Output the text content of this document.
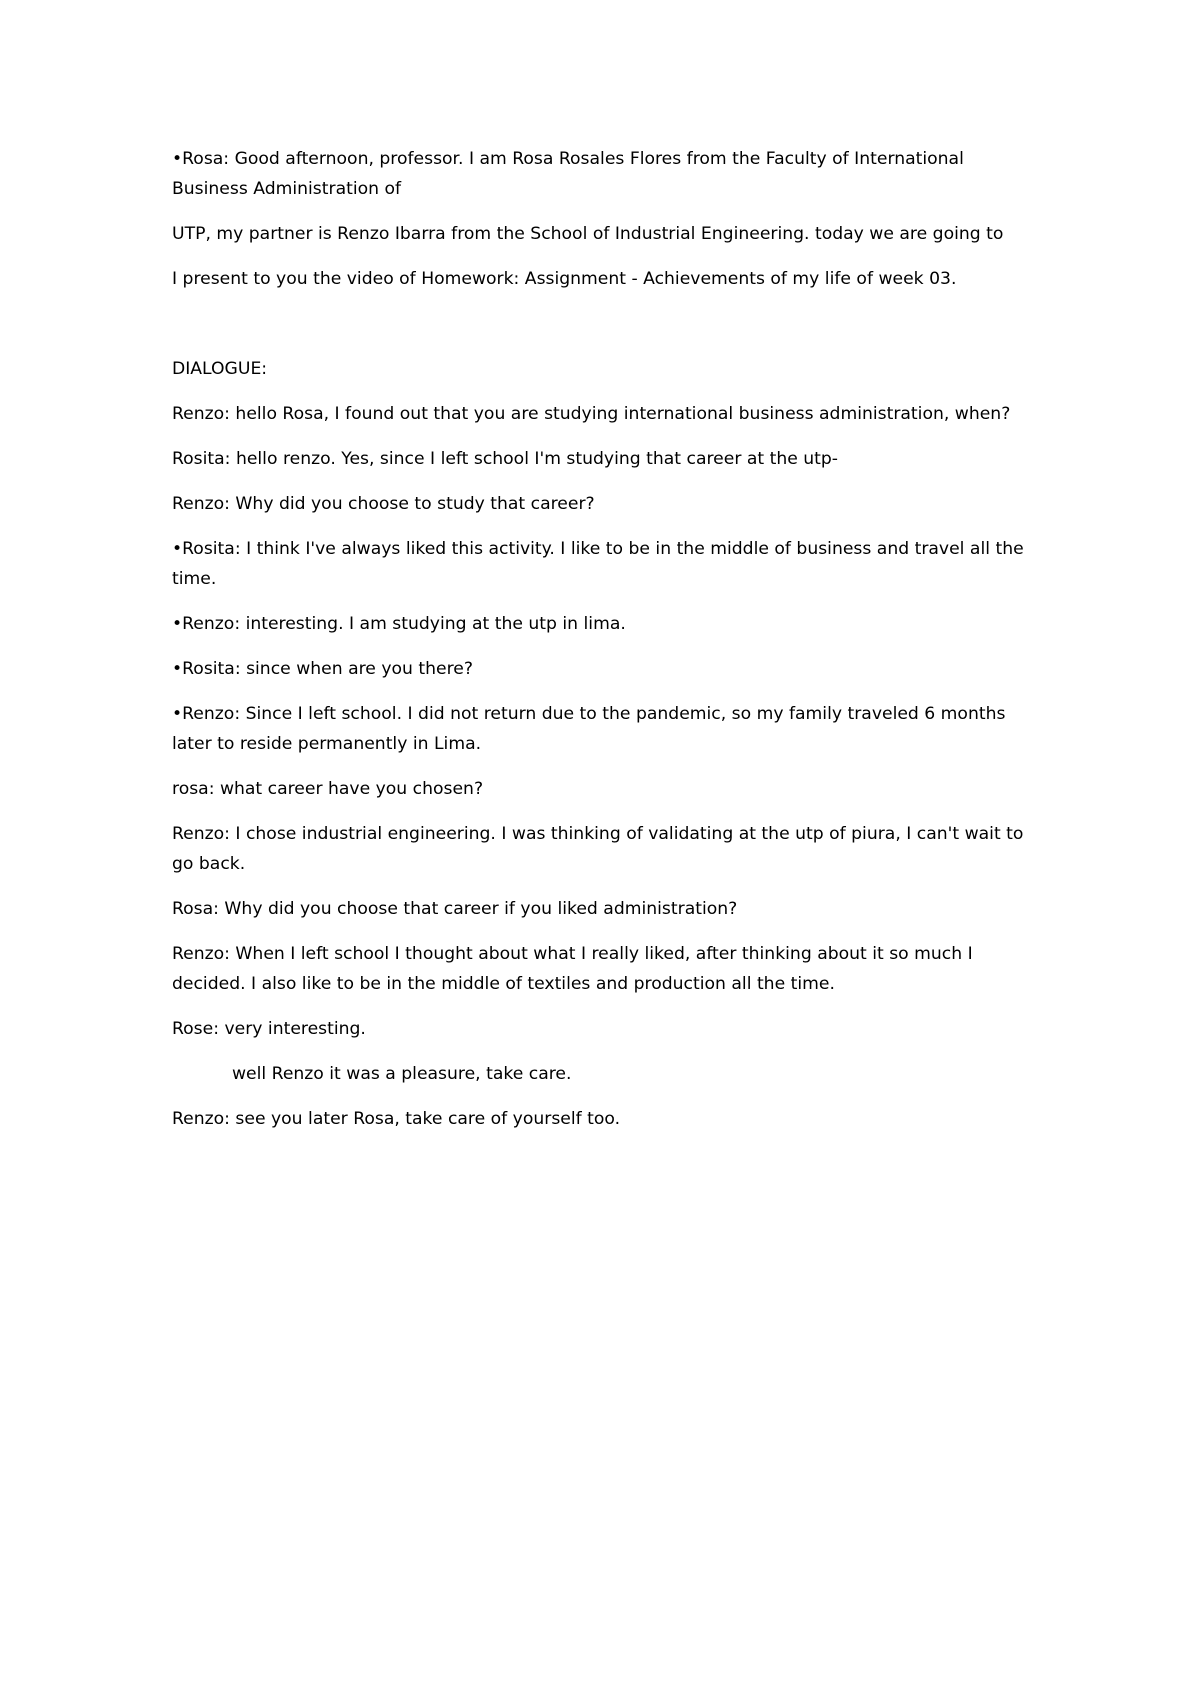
•Rosa: Good afternoon, professor. I am Rosa Rosales Flores from the Faculty of International Business Administration of

UTP, my partner is Renzo Ibarra from the School of Industrial Engineering. today we are going to

I present to you the video of Homework: Assignment - Achievements of my life of week 03.

DIALOGUE:

Renzo: hello Rosa, I found out that you are studying international business administration, when?

Rosita: hello renzo. Yes, since I left school I'm studying that career at the utp-

Renzo: Why did you choose to study that career?

•Rosita: I think I've always liked this activity. I like to be in the middle of business and travel all the time.

•Renzo: interesting. I am studying at the utp in lima.

•Rosita: since when are you there?

•Renzo: Since I left school. I did not return due to the pandemic, so my family traveled 6 months later to reside permanently in Lima.

rosa: what career have you chosen?

Renzo: I chose industrial engineering. I was thinking of validating at the utp of piura, I can't wait to go back.

Rosa: Why did you choose that career if you liked administration?

Renzo: When I left school I thought about what I really liked, after thinking about it so much I decided. I also like to be in the middle of textiles and production all the time.

Rose: very interesting.

well Renzo it was a pleasure, take care.

Renzo: see you later Rosa, take care of yourself too.
